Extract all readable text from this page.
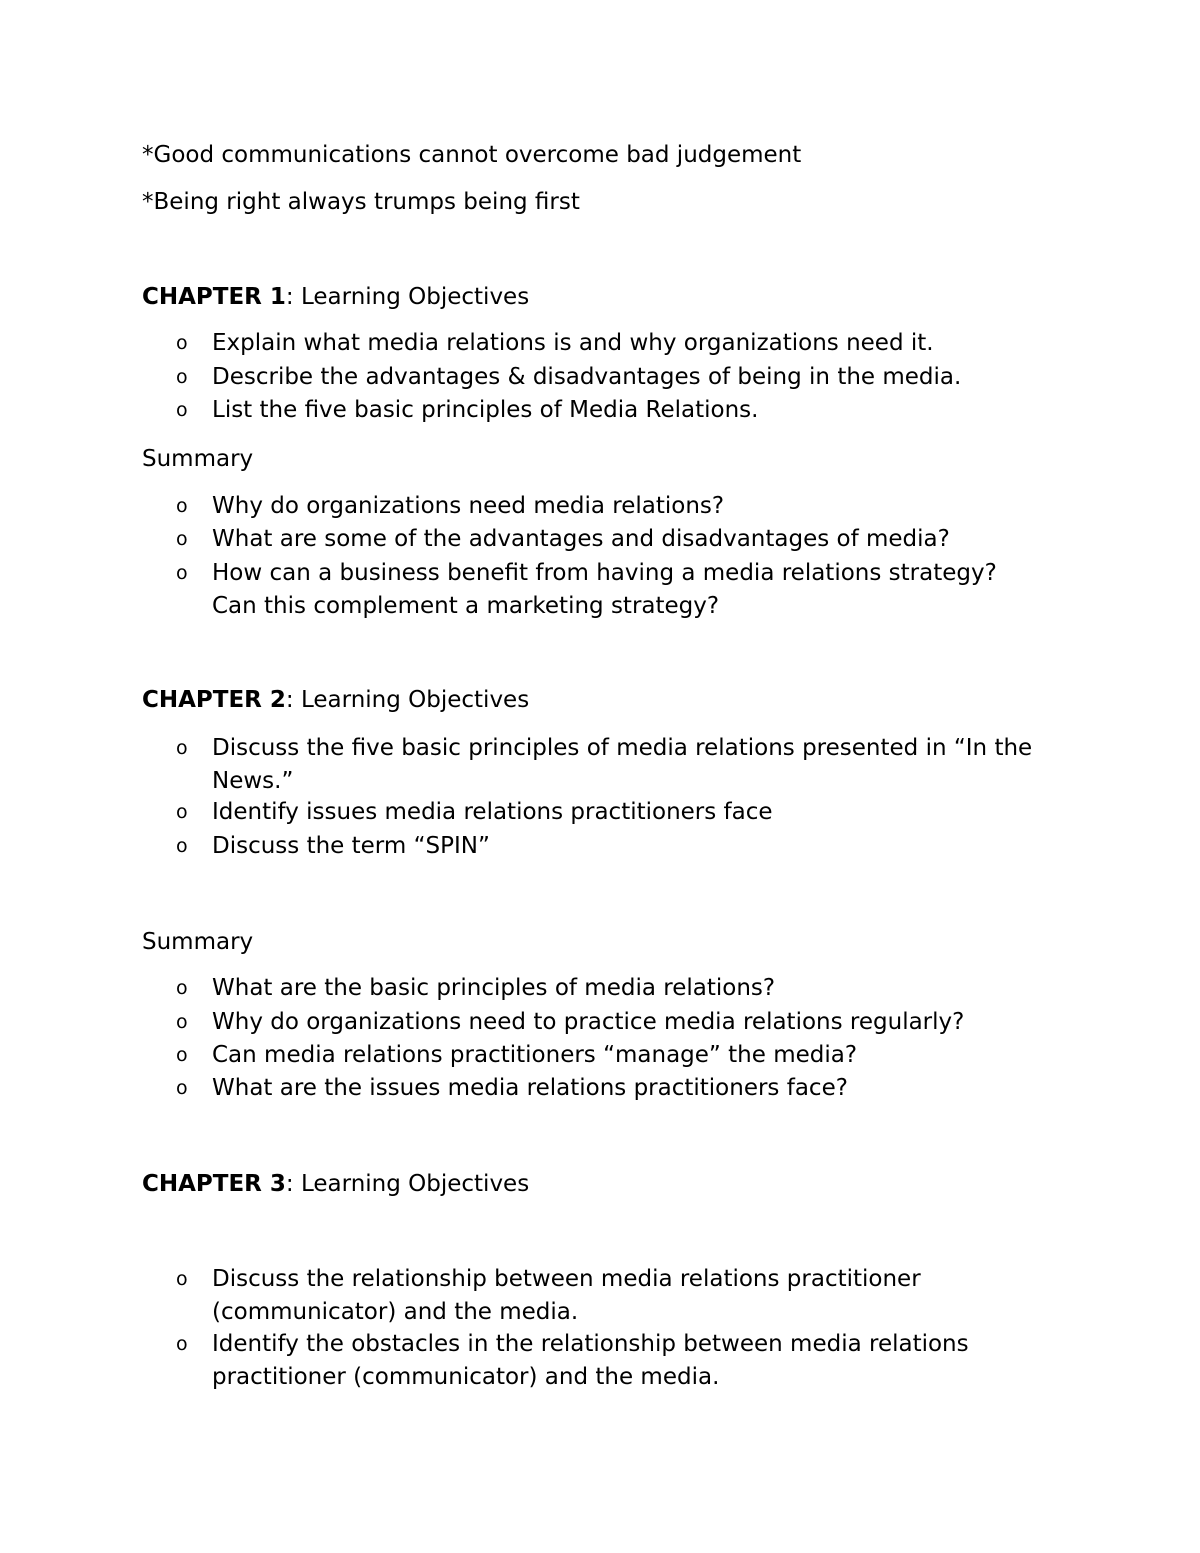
*Good communications cannot overcome bad judgement
*Being right always trumps being first
CHAPTER 1: Learning Objectives
o	Explain what media relations is and why organizations need it.
o	Describe the advantages & disadvantages of being in the media.
o	List the five basic principles of Media Relations.
Summary
o	Why do organizations need media relations?
o	What are some of the advantages and disadvantages of media?
o	How can a business benefit from having a media relations strategy?
Can this complement a marketing strategy?
CHAPTER 2: Learning Objectives
o	Discuss the five basic principles of media relations presented in “In the
News.”
o	Identify issues media relations practitioners face
o	Discuss the term “SPIN”
Summary
o	What are the basic principles of media relations?
o	Why do organizations need to practice media relations regularly?
o	Can media relations practitioners “manage” the media?
o	What are the issues media relations practitioners face?
CHAPTER 3: Learning Objectives
o	Discuss the relationship between media relations practitioner
(communicator) and the media.
o	Identify the obstacles in the relationship between media relations
practitioner (communicator) and the media.
